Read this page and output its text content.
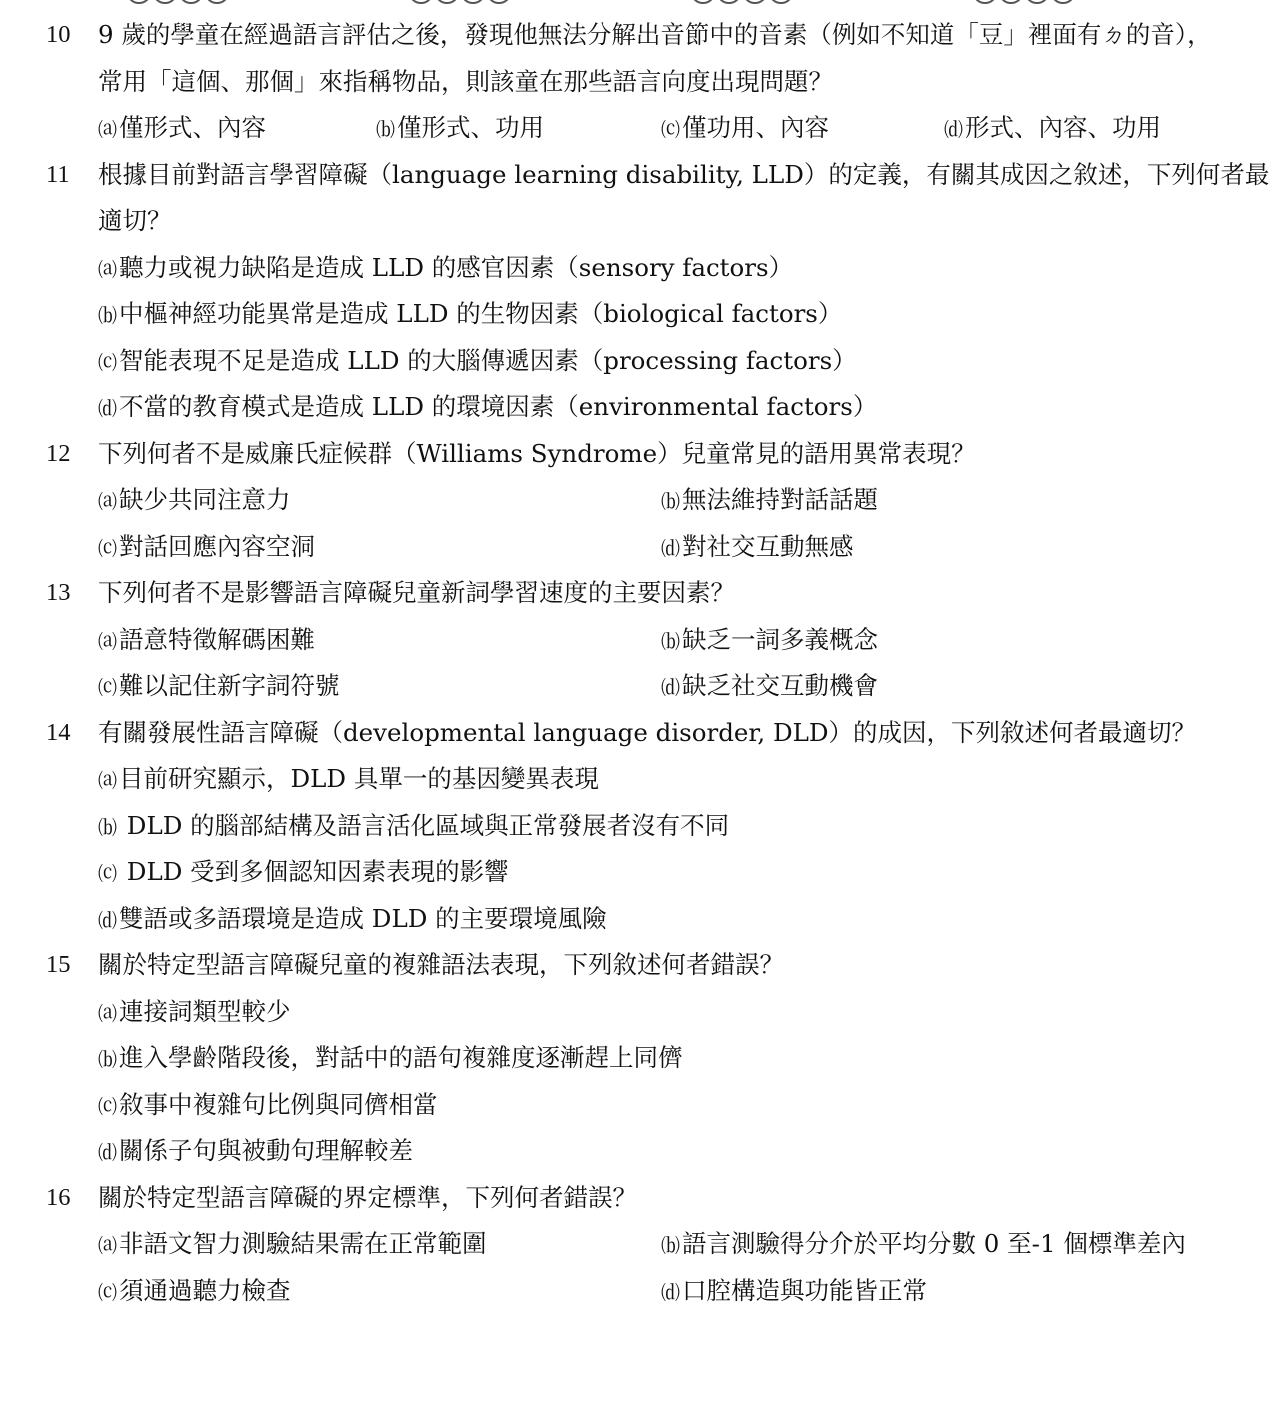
10 9 歲的學童在經過語言評估之後，發現他無法分解出音節中的音素（例如不知道「豆」裡面有ㄉ的音），
常用「這個、那個」來指稱物品，則該童在那些語言向度出現問題？
⒜僅形式、內容	⒝僅形式、功用	⒞僅功用、內容	⒟形式、內容、功用
11 根據目前對語言學習障礙（language learning disability, LLD）的定義，有關其成因之敘述，下列何者最
適切？
⒜聽力或視力缺陷是造成 LLD 的感官因素（sensory factors）
⒝中樞神經功能異常是造成 LLD 的生物因素（biological factors）
⒞智能表現不足是造成 LLD 的大腦傳遞因素（processing factors）
⒟不當的教育模式是造成 LLD 的環境因素（environmental factors）
12 下列何者不是威廉氏症候群（Williams Syndrome）兒童常見的語用異常表現？
⒜缺少共同注意力	⒝無法維持對話話題
⒞對話回應內容空洞	⒟對社交互動無感
13 下列何者不是影響語言障礙兒童新詞學習速度的主要因素？
⒜語意特徵解碼困難	⒝缺乏一詞多義概念
⒞難以記住新字詞符號	⒟缺乏社交互動機會
14 有關發展性語言障礙（developmental language disorder, DLD）的成因，下列敘述何者最適切？
⒜目前研究顯示，DLD 具單一的基因變異表現
⒝ DLD 的腦部結構及語言活化區域與正常發展者沒有不同
⒞ DLD 受到多個認知因素表現的影響
⒟雙語或多語環境是造成 DLD 的主要環境風險
15 關於特定型語言障礙兒童的複雜語法表現，下列敘述何者錯誤？
⒜連接詞類型較少
⒝進入學齡階段後，對話中的語句複雜度逐漸趕上同儕
⒞敘事中複雜句比例與同儕相當
⒟關係子句與被動句理解較差
16 關於特定型語言障礙的界定標準，下列何者錯誤？
⒜非語文智力測驗結果需在正常範圍	⒝語言測驗得分介於平均分數 0 至-1 個標準差內
⒞須通過聽力檢查	⒟口腔構造與功能皆正常
